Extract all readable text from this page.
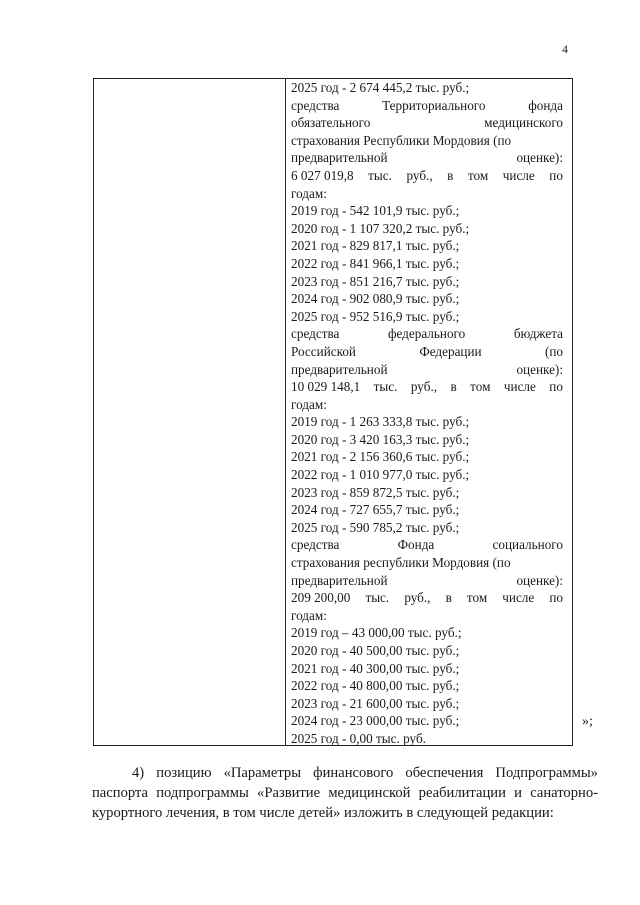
4
2025 год - 2 674 445,2 тыс. руб.;
средства	Территориального	фонда
обязательного	медицинского
страхования Республики Мордовия (по
предварительной	оценке):
6 027 019,8 тыс. руб., в том числе по
годам:
2019 год - 542 101,9 тыс. руб.;
2020 год - 1 107 320,2 тыс. руб.;
2021 год - 829 817,1 тыс. руб.;
2022 год - 841 966,1 тыс. руб.;
2023 год - 851 216,7 тыс. руб.;
2024 год - 902 080,9 тыс. руб.;
2025 год - 952 516,9 тыс. руб.;
средства	федерального	бюджета
Российской	Федерации	(по
предварительной	оценке):
10 029 148,1 тыс. руб., в том числе по
годам:
2019 год - 1 263 333,8 тыс. руб.;
2020 год - 3 420 163,3 тыс. руб.;
2021 год - 2 156 360,6 тыс. руб.;
2022 год - 1 010 977,0 тыс. руб.;
2023 год - 859 872,5 тыс. руб.;
2024 год - 727 655,7 тыс. руб.;
2025 год - 590 785,2 тыс. руб.;
средства	Фонда	социального
страхования республики Мордовия (по
предварительной	оценке):
209 200,00 тыс. руб., в том числе по
годам:
2019 год – 43 000,00 тыс. руб.;
2020 год - 40 500,00 тыс. руб.;
2021 год - 40 300,00 тыс. руб.;
2022 год - 40 800,00 тыс. руб.;
2023 год - 21 600,00 тыс. руб.;
2024 год - 23 000,00 тыс. руб.;
2025 год - 0,00 тыс. руб.
»;
4) позицию «Параметры финансового обеспечения Подпрограммы»
паспорта подпрограммы «Развитие медицинской реабилитации и санаторно-
курортного лечения, в том числе детей» изложить в следующей редакции:
